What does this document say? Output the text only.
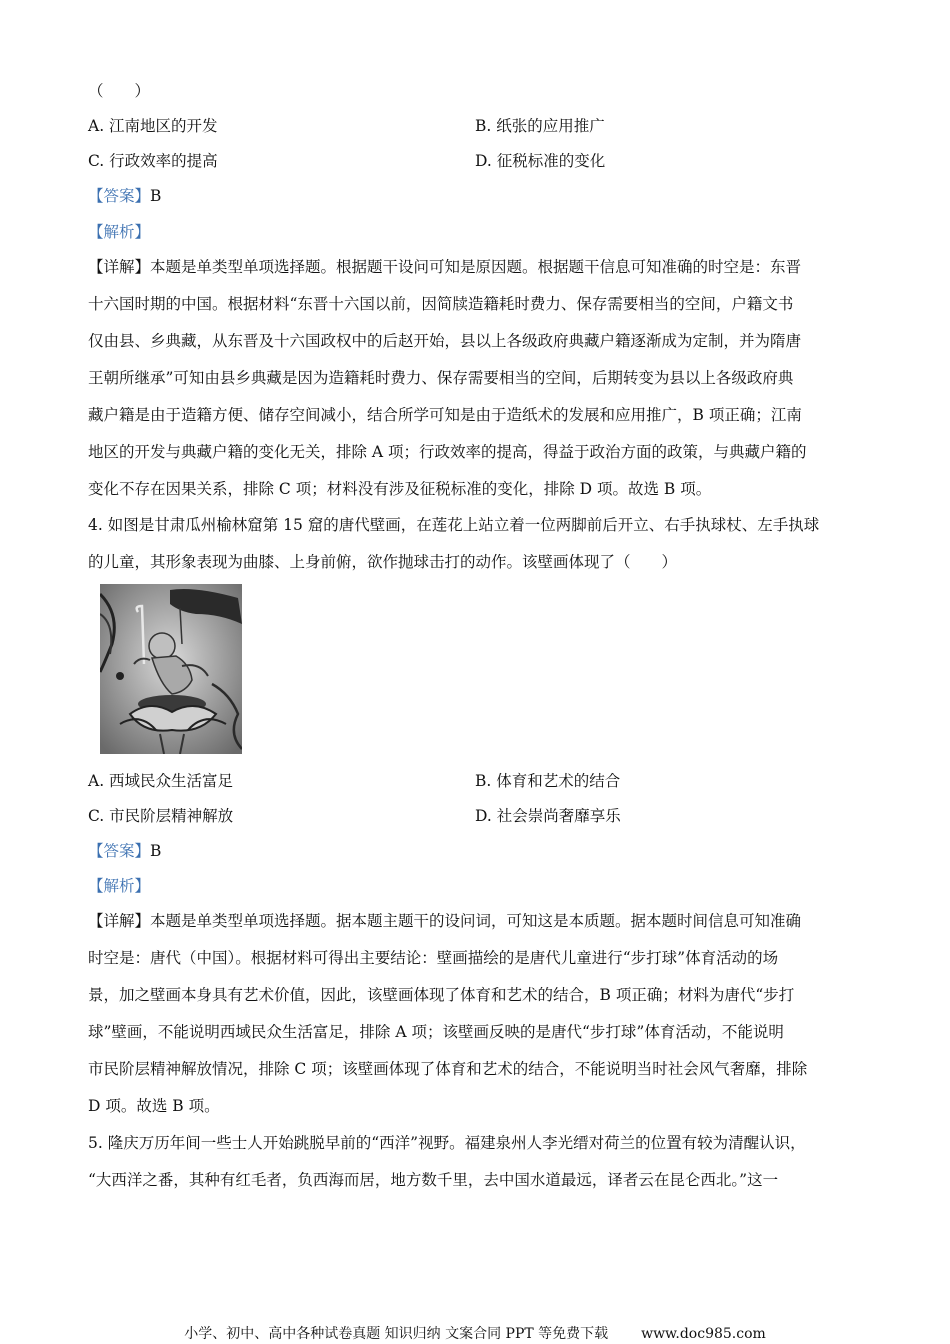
（　　）
A. 江南地区的开发	B. 纸张的应用推广
C. 行政效率的提高	D. 征税标准的变化
【答案】B
【解析】
【详解】本题是单类型单项选择题。根据题干设问可知是原因题。根据题干信息可知准确的时空是：东晋
十六国时期的中国。根据材料“东晋十六国以前，因简牍造籍耗时费力、保存需要相当的空间，户籍文书
仅由县、乡典藏，从东晋及十六国政权中的后赵开始，县以上各级政府典藏户籍逐渐成为定制，并为隋唐
王朝所继承”可知由县乡典藏是因为造籍耗时费力、保存需要相当的空间，后期转变为县以上各级政府典
藏户籍是由于造籍方便、储存空间减小，结合所学可知是由于造纸术的发展和应用推广，B 项正确；江南
地区的开发与典藏户籍的变化无关，排除 A 项；行政效率的提高，得益于政治方面的政策，与典藏户籍的
变化不存在因果关系，排除 C 项；材料没有涉及征税标准的变化，排除 D 项。故选 B 项。
4. 如图是甘肃瓜州榆林窟第 15 窟的唐代壁画，在莲花上站立着一位两脚前后开立、右手执球杖、左手执球
的儿童，其形象表现为曲膝、上身前俯，欲作抛球击打的动作。该壁画体现了（　　）
A. 西域民众生活富足	B. 体育和艺术的结合
C. 市民阶层精神解放	D. 社会崇尚奢靡享乐
【答案】B
【解析】
【详解】本题是单类型单项选择题。据本题主题干的设问词，可知这是本质题。据本题时间信息可知准确
时空是：唐代（中国）。根据材料可得出主要结论：壁画描绘的是唐代儿童进行“步打球”体育活动的场
景，加之壁画本身具有艺术价值，因此，该壁画体现了体育和艺术的结合，B 项正确；材料为唐代“步打
球”壁画，不能说明西域民众生活富足，排除 A 项；该壁画反映的是唐代“步打球”体育活动，不能说明
市民阶层精神解放情况，排除 C 项；该壁画体现了体育和艺术的结合，不能说明当时社会风气奢靡，排除
D 项。故选 B 项。
5. 隆庆万历年间一些士人开始跳脱早前的“西洋”视野。福建泉州人李光缙对荷兰的位置有较为清醒认识，
“大西洋之番，其种有红毛者，负西海而居，地方数千里，去中国水道最远，译者云在昆仑西北。”这一
小学、初中、高中各种试卷真题 知识归纳 文案合同 PPT 等免费下载 www.doc985.com
